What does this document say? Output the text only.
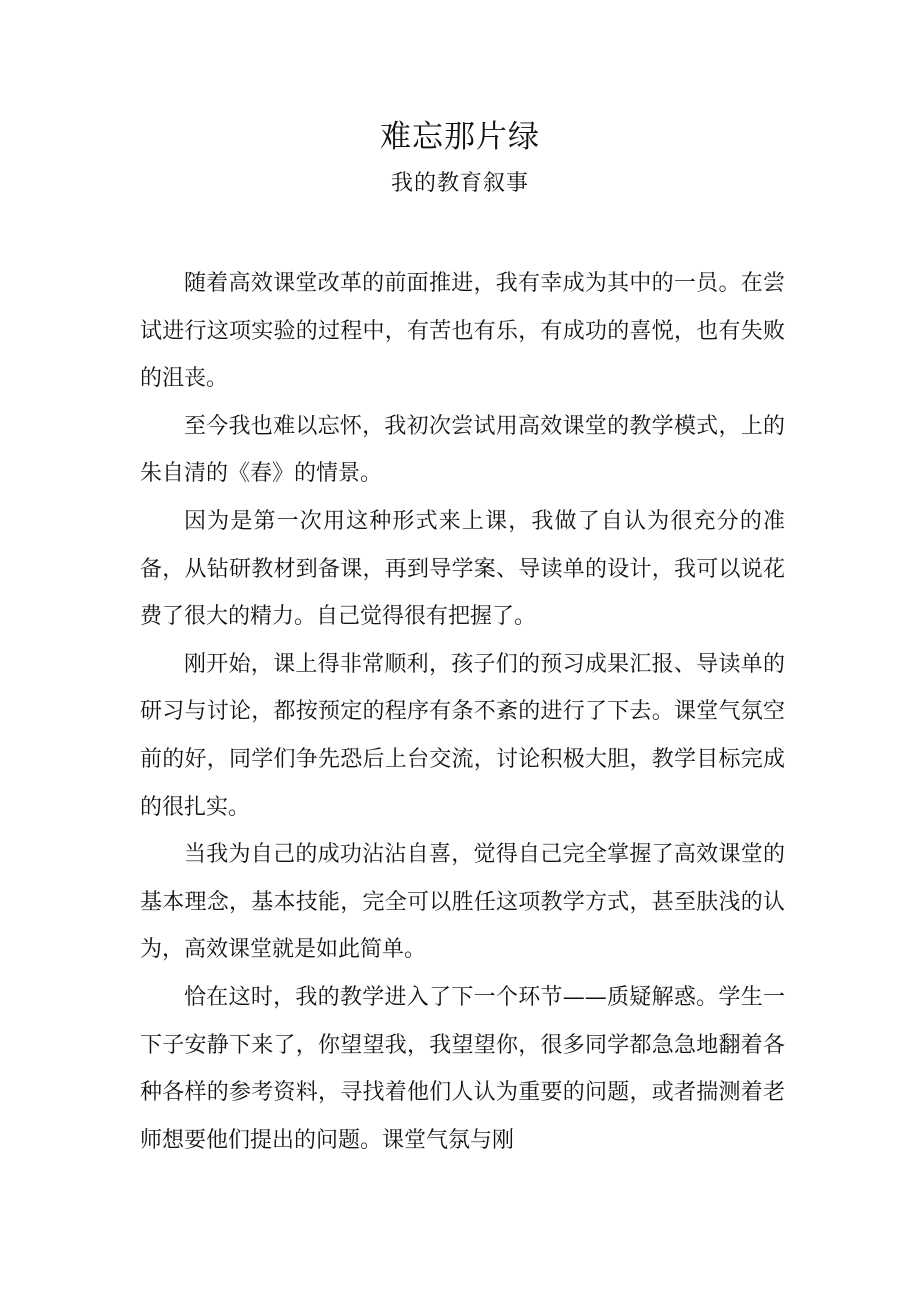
难忘那片绿
我的教育叙事

随着高效课堂改革的前面推进，我有幸成为其中的一员。在尝试进行这项实验的过程中，有苦也有乐，有成功的喜悦，也有失败的沮丧。

至今我也难以忘怀，我初次尝试用高效课堂的教学模式，上的朱自清的《春》的情景。

因为是第一次用这种形式来上课，我做了自认为很充分的准备，从钻研教材到备课，再到导学案、导读单的设计，我可以说花费了很大的精力。自己觉得很有把握了。

刚开始，课上得非常顺利，孩子们的预习成果汇报、导读单的研习与讨论，都按预定的程序有条不紊的进行了下去。课堂气氛空前的好，同学们争先恐后上台交流，讨论积极大胆，教学目标完成的很扎实。

当我为自己的成功沾沾自喜，觉得自己完全掌握了高效课堂的基本理念，基本技能，完全可以胜任这项教学方式，甚至肤浅的认为，高效课堂就是如此简单。

恰在这时，我的教学进入了下一个环节——质疑解惑。学生一下子安静下来了，你望望我，我望望你，很多同学都急急地翻着各种各样的参考资料，寻找着他们人认为重要的问题，或者揣测着老师想要他们提出的问题。课堂气氛与刚
